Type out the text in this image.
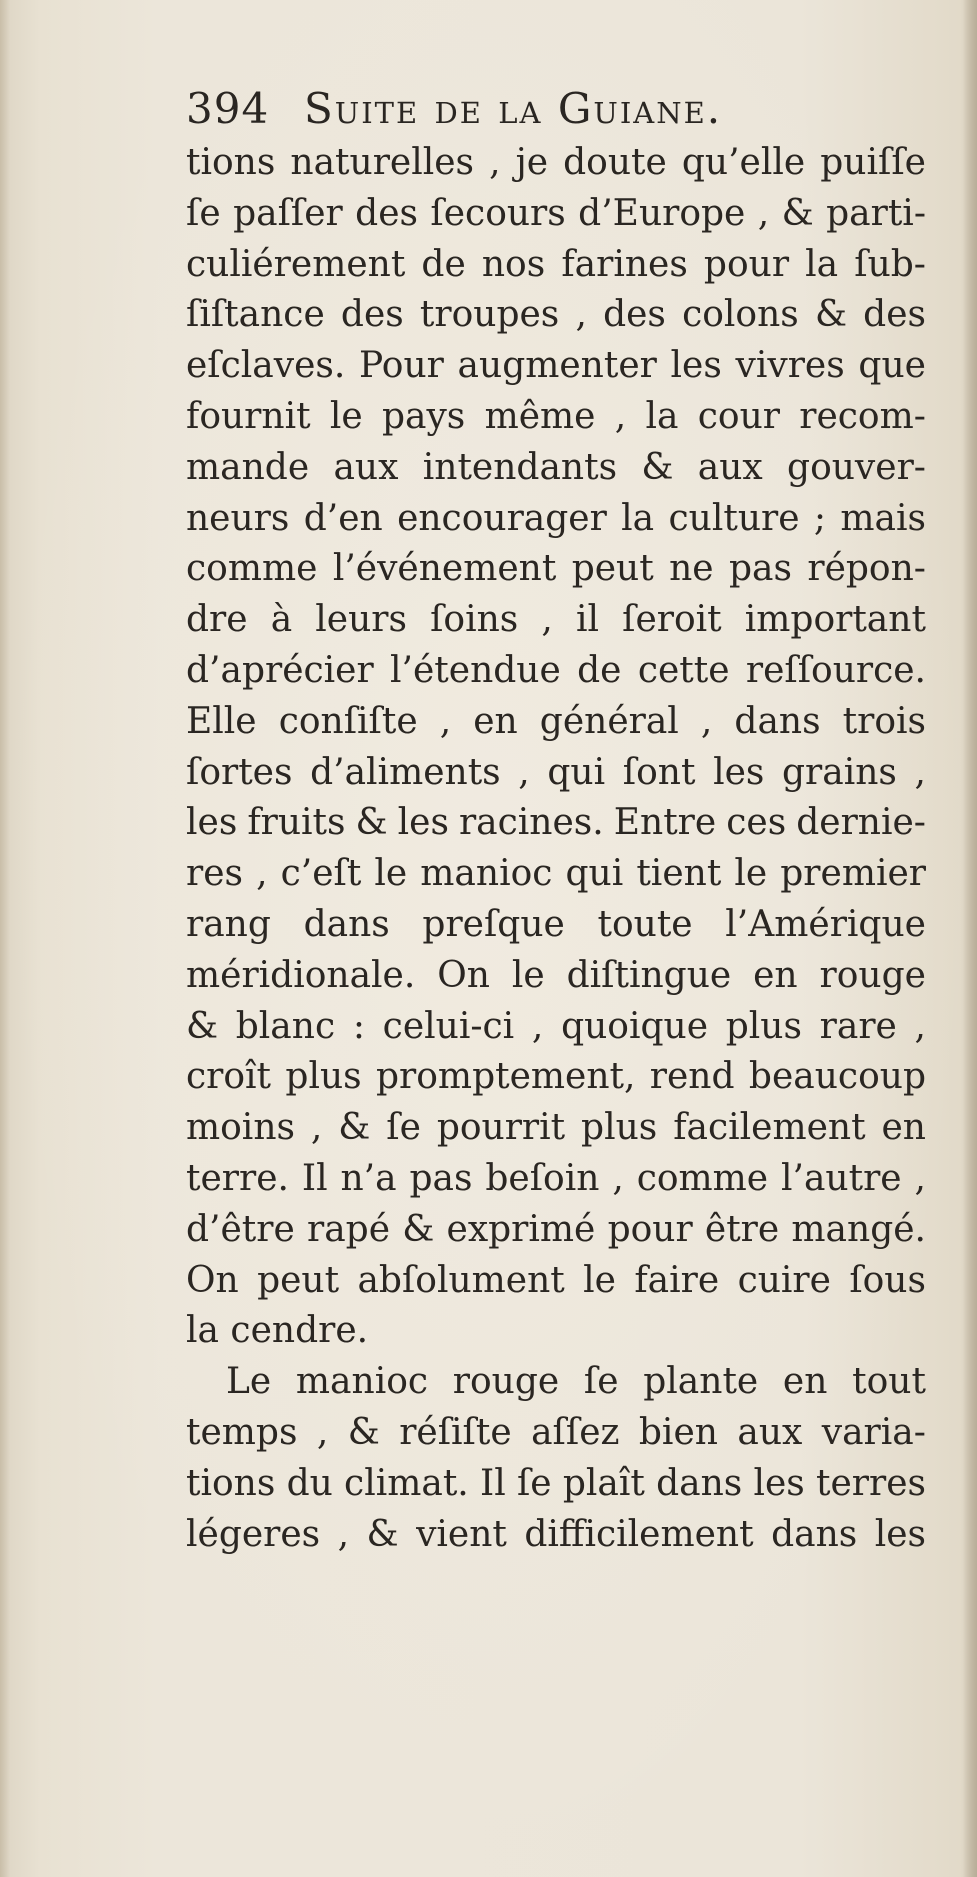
394 Suite de la Guiane.
tions naturelles , je doute qu’elle puiſſe
ſe paſſer des ſecours d’Europe , & parti-
culiérement de nos farines pour la ſub-
ſiſtance des troupes , des colons & des
eſclaves. Pour augmenter les vivres que
fournit le pays même , la cour recom-
mande aux intendants & aux gouver-
neurs d’en encourager la culture ; mais
comme l’événement peut ne pas répon-
dre à leurs ſoins , il ſeroit important
d’aprécier l’étendue de cette reſſource.
Elle conſiſte , en général , dans trois
ſortes d’aliments , qui ſont les grains ,
les fruits & les racines. Entre ces dernie-
res , c’eſt le manioc qui tient le premier
rang dans preſque toute l’Amérique
méridionale. On le diſtingue en rouge
& blanc : celui-ci , quoique plus rare ,
croît plus promptement, rend beaucoup
moins , & ſe pourrit plus facilement en
terre. Il n’a pas beſoin , comme l’autre ,
d’être rapé & exprimé pour être mangé.
On peut abſolument le faire cuire ſous
la cendre.
Le manioc rouge ſe plante en tout
temps , & réſiſte aſſez bien aux varia-
tions du climat. Il ſe plaît dans les terres
légeres , & vient difficilement dans les
